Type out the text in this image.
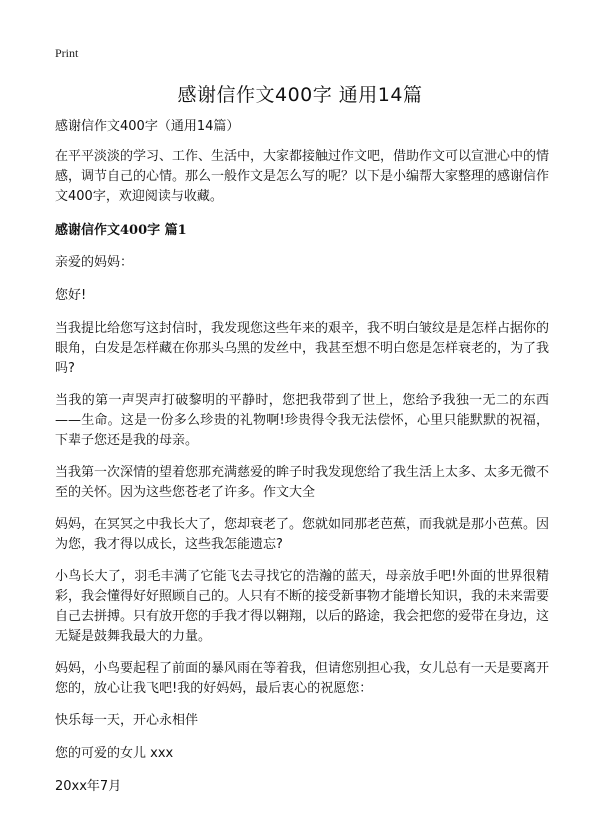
Print
感谢信作文400字 通用14篇

感谢信作文400字（通用14篇）

在平平淡淡的学习、工作、生活中，大家都接触过作文吧，借助作文可以宣泄心中的情感，调节自己的心情。那么一般作文是怎么写的呢？以下是小编帮大家整理的感谢信作文400字，欢迎阅读与收藏。

感谢信作文400字 篇1

亲爱的妈妈：

您好!

当我提比给您写这封信时，我发现您这些年来的艰辛，我不明白皱纹是是怎样占据你的眼角，白发是怎样藏在你那头乌黑的发丝中，我甚至想不明白您是怎样衰老的，为了我吗?

当我的第一声哭声打破黎明的平静时，您把我带到了世上，您给予我独一无二的东西——生命。这是一份多么珍贵的礼物啊!珍贵得令我无法偿怀，心里只能默默的祝福，下辈子您还是我的母亲。

当我第一次深情的望着您那充满慈爱的眸子时我发现您给了我生活上太多、太多无微不至的关怀。因为这些您苍老了许多。作文大全

妈妈，在冥冥之中我长大了，您却衰老了。您就如同那老芭蕉，而我就是那小芭蕉。因为您，我才得以成长，这些我怎能遗忘?

小鸟长大了，羽毛丰满了它能飞去寻找它的浩瀚的蓝天，母亲放手吧!外面的世界很精彩，我会懂得好好照顾自己的。人只有不断的接受新事物才能增长知识，我的未来需要自己去拼搏。只有放开您的手我才得以翱翔，以后的路途，我会把您的爱带在身边，这无疑是鼓舞我最大的力量。

妈妈，小鸟要起程了前面的暴风雨在等着我，但请您别担心我，女儿总有一天是要离开您的，放心让我飞吧!我的好妈妈，最后衷心的祝愿您：

快乐每一天，开心永相伴

您的可爱的女儿 xxx

20xx年7月
